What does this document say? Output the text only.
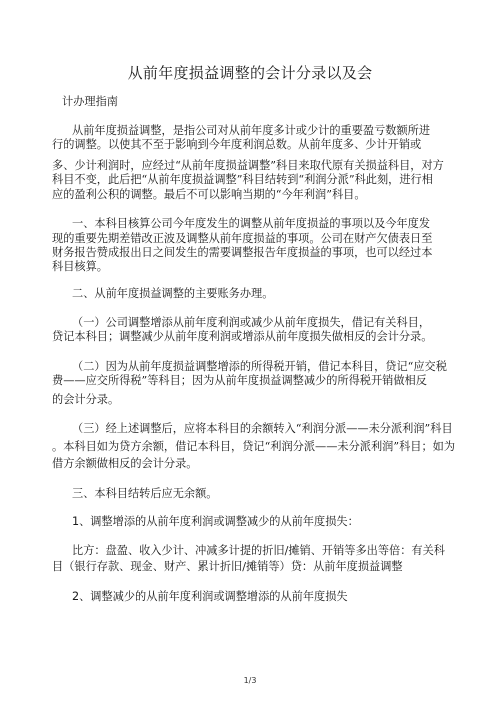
从前年度损益调整的会计分录以及会
计办理指南
从前年度损益调整，是指公司对从前年度多计或少计的重要盈亏数额所进
行的调整。以使其不至于影响到今年度利润总数。从前年度多、少计开销或
多、少计利润时，应经过“从前年度损益调整”科目来取代原有关损益科目，对方
科目不变，此后把“从前年度损益调整”科目结转到“利润分派”科此刻，进行相
应的盈利公积的调整。最后不可以影响当期的“今年利润”科目。
一、本科目核算公司今年度发生的调整从前年度损益的事项以及今年度发
现的重要先期差错改正波及调整从前年度损益的事项。公司在财产欠债表日至
财务报告赞成报出日之间发生的需要调整报告年度损益的事项，也可以经过本
科目核算。
二、从前年度损益调整的主要账务办理。
（一）公司调整增添从前年度利润或减少从前年度损失，借记有关科目，
贷记本科目；调整减少从前年度利润或增添从前年度损失做相反的会计分录。
（二）因为从前年度损益调整增添的所得税开销，借记本科目，贷记“应交税
费——应交所得税”等科目；因为从前年度损益调整减少的所得税开销做相反
的会计分录。
（三）经上述调整后，应将本科目的余额转入“利润分派——未分派利润”科目
。本科目如为贷方余额，借记本科目，贷记“利润分派——未分派利润”科目；如为
借方余额做相反的会计分录。
三、本科目结转后应无余额。
1、调整增添的从前年度利润或调整减少的从前年度损失：
比方：盘盈、收入少计、冲减多计提的折旧/摊销、开销等多出等倍：有关科
目（银行存款、现金、财产、累计折旧/摊销等）贷：从前年度损益调整
2、调整减少的从前年度利润或调整增添的从前年度损失
1/3
